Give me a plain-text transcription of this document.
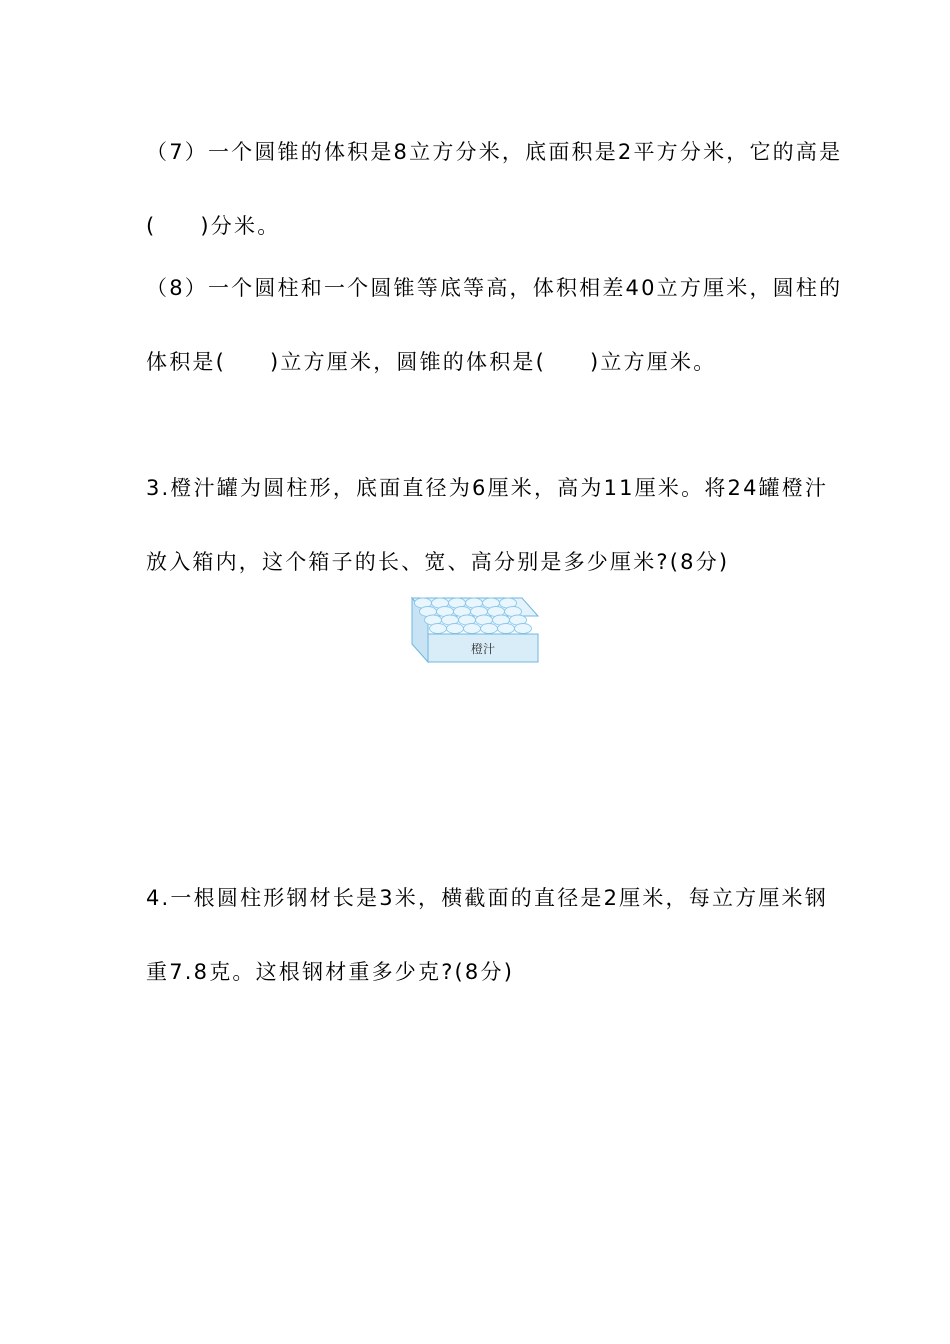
（7）一个圆锥的体积是8立方分米，底面积是2平方分米，它的高是
( )分米。
（8）一个圆柱和一个圆锥等底等高，体积相差40立方厘米，圆柱的
体积是( )立方厘米，圆锥的体积是( )立方厘米。
3.橙汁罐为圆柱形，底面直径为6厘米，高为11厘米。将24罐橙汁
放入箱内，这个箱子的长、宽、高分别是多少厘米?(8分)
橙汁
4.一根圆柱形钢材长是3米，横截面的直径是2厘米，每立方厘米钢
重7.8克。这根钢材重多少克?(8分)
